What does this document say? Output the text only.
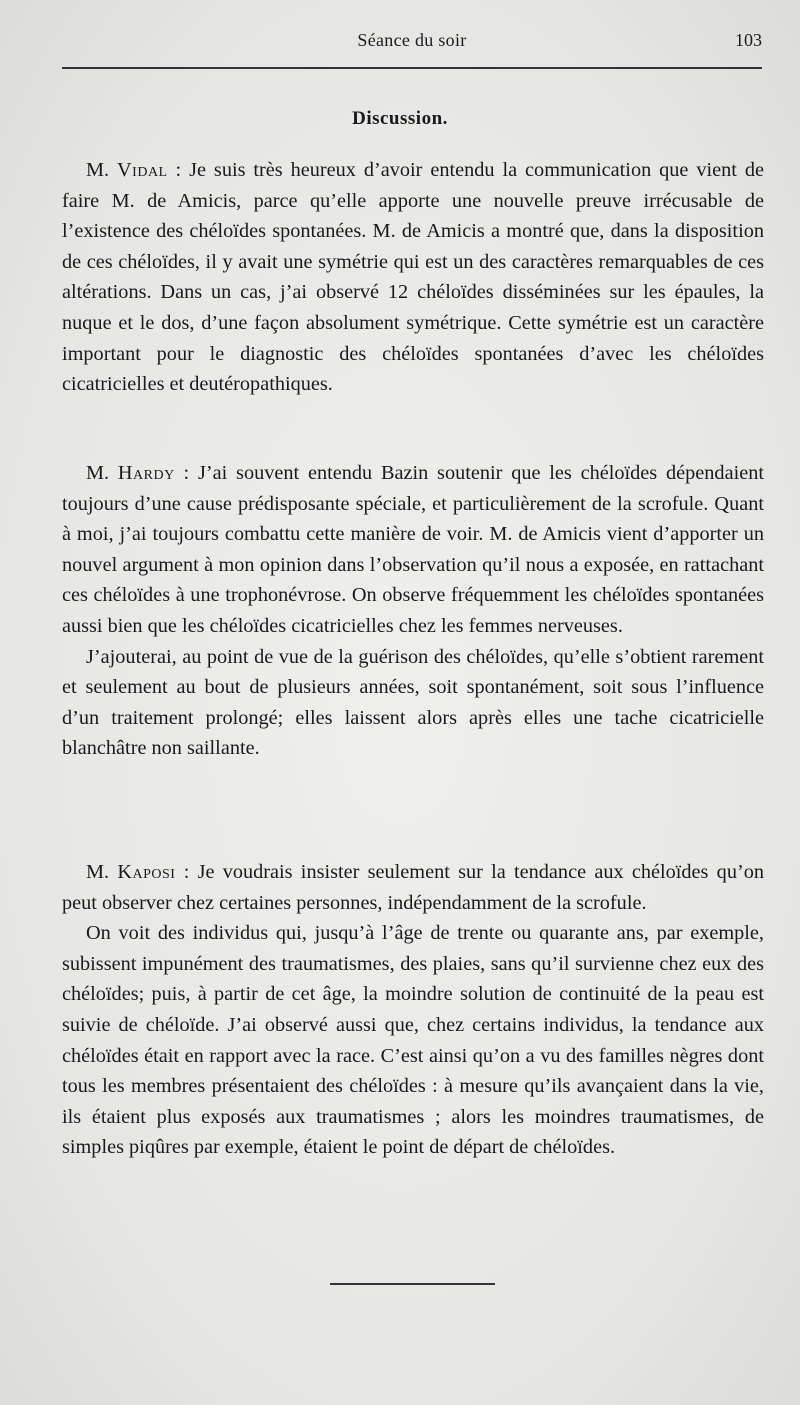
Séance du soir	103
Discussion.

M. Vidal : Je suis très heureux d’avoir entendu la communication que vient de faire M. de Amicis, parce qu’elle apporte une nouvelle preuve irrécusable de l’existence des chéloïdes spontanées. M. de Amicis a montré que, dans la disposition de ces chéloïdes, il y avait une symétrie qui est un des caractères remarquables de ces altérations. Dans un cas, j’ai observé 12 chéloïdes disséminées sur les épaules, la nuque et le dos, d’une façon absolument symétrique. Cette symétrie est un caractère important pour le diagnostic des chéloïdes spontanées d’avec les chéloïdes cicatricielles et deutéropathiques.

M. Hardy : J’ai souvent entendu Bazin soutenir que les chéloïdes dépendaient toujours d’une cause prédisposante spéciale, et particulièrement de la scrofule. Quant à moi, j’ai toujours combattu cette manière de voir. M. de Amicis vient d’apporter un nouvel argument à mon opinion dans l’observation qu’il nous a exposée, en rattachant ces chéloïdes à une trophonévrose. On observe fréquemment les chéloïdes spontanées aussi bien que les chéloïdes cicatricielles chez les femmes nerveuses.

J’ajouterai, au point de vue de la guérison des chéloïdes, qu’elle s’obtient rarement et seulement au bout de plusieurs années, soit spontanément, soit sous l’influence d’un traitement prolongé; elles laissent alors après elles une tache cicatricielle blanchâtre non saillante.

M. Kaposi : Je voudrais insister seulement sur la tendance aux chéloïdes qu’on peut observer chez certaines personnes, indépendamment de la scrofule.

On voit des individus qui, jusqu’à l’âge de trente ou quarante ans, par exemple, subissent impunément des traumatismes, des plaies, sans qu’il survienne chez eux des chéloïdes; puis, à partir de cet âge, la moindre solution de continuité de la peau est suivie de chéloïde. J’ai observé aussi que, chez certains individus, la tendance aux chéloïdes était en rapport avec la race. C’est ainsi qu’on a vu des familles nègres dont tous les membres présentaient des chéloïdes : à mesure qu’ils avançaient dans la vie, ils étaient plus exposés aux traumatismes ; alors les moindres traumatismes, de simples piqûres par exemple, étaient le point de départ de chéloïdes.
